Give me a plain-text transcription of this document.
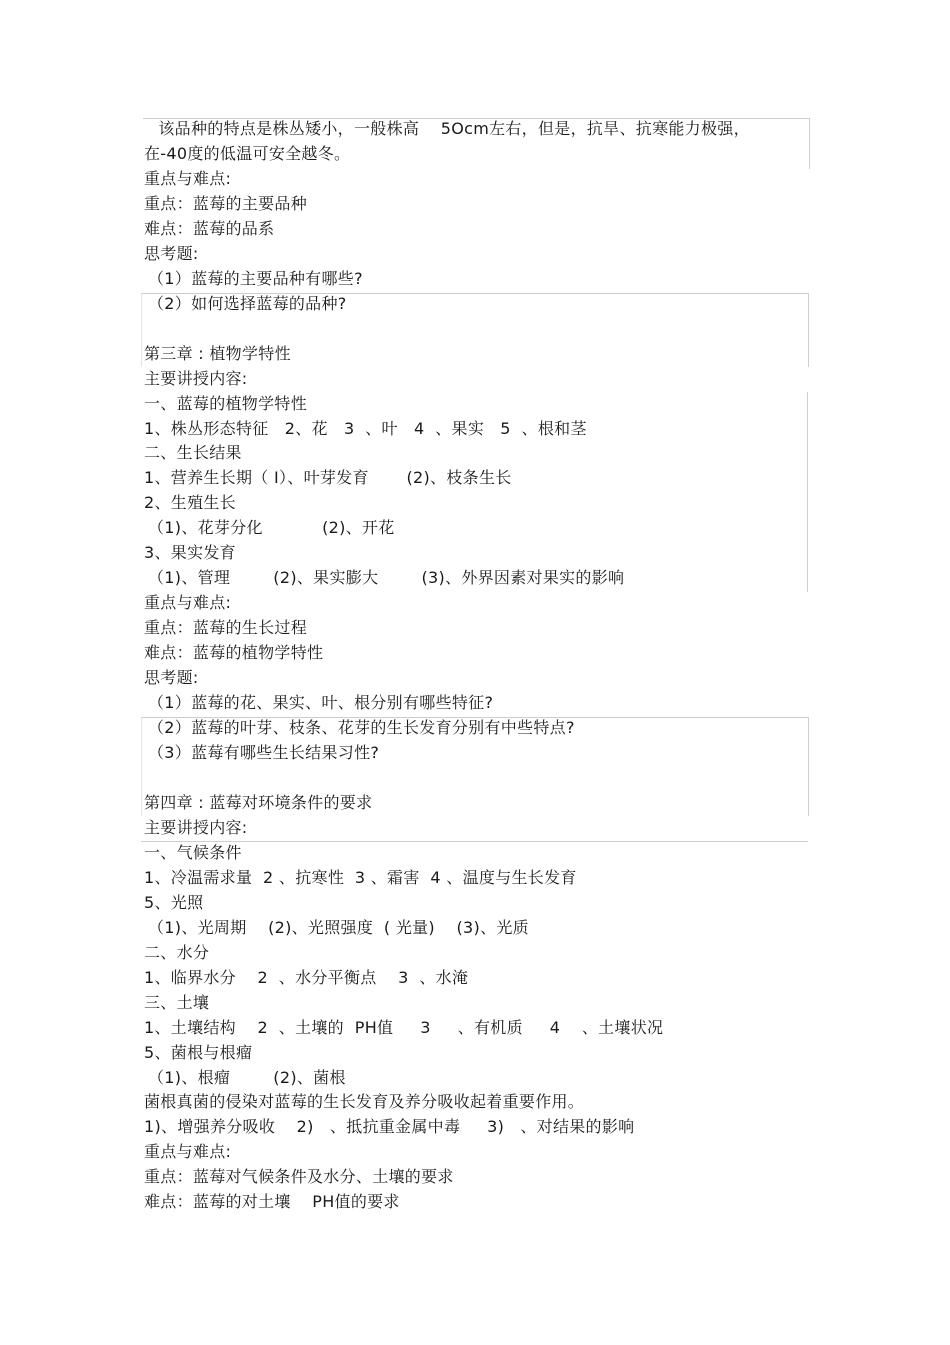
该品种的特点是株丛矮小，一般株高    5Ocm左右，但是，抗旱、抗寒能力极强，
在-40度的低温可安全越冬。
重点与难点:
重点：蓝莓的主要品种
难点：蓝莓的品系
思考题:
（1）蓝莓的主要品种有哪些?
（2）如何选择蓝莓的品种?
第三章 : 植物学特性
主要讲授内容:
一、蓝莓的植物学特性
1、株丛形态特征   2、花   3  、叶   4  、果实   5  、根和茎
二、生长结果
1、营养生长期（ I）、叶芽发育       (2)、枝条生长
2、生殖生长
（1)、花芽分化           (2)、开花
3、果实发育
（1)、管理        (2)、果实膨大        (3)、外界因素对果实的影响
重点与难点:
重点：蓝莓的生长过程
难点：蓝莓的植物学特性
思考题:
（1）蓝莓的花、果实、叶、根分别有哪些特征?
（2）蓝莓的叶芽、枝条、花芽的生长发育分别有中些特点?
（3）蓝莓有哪些生长结果习性?
第四章 : 蓝莓对环境条件的要求
主要讲授内容:
一、气候条件
1、冷温需求量  2 、抗寒性  3 、霜害  4 、温度与生长发育
5、光照
（1)、光周期    (2)、光照强度  ( 光量)    (3)、光质
二、水分
1、临界水分    2  、水分平衡点    3  、水淹
三、土壤
1、土壤结构    2  、土壤的  PH值     3     、有机质     4    、土壤状况
5、菌根与根瘤
（1)、根瘤        (2)、菌根
菌根真菌的侵染对蓝莓的生长发育及养分吸收起着重要作用。
1)、增强养分吸收    2)   、抵抗重金属中毒     3)   、对结果的影响
重点与难点:
重点：蓝莓对气候条件及水分、土壤的要求
难点：蓝莓的对土壤    PH值的要求
